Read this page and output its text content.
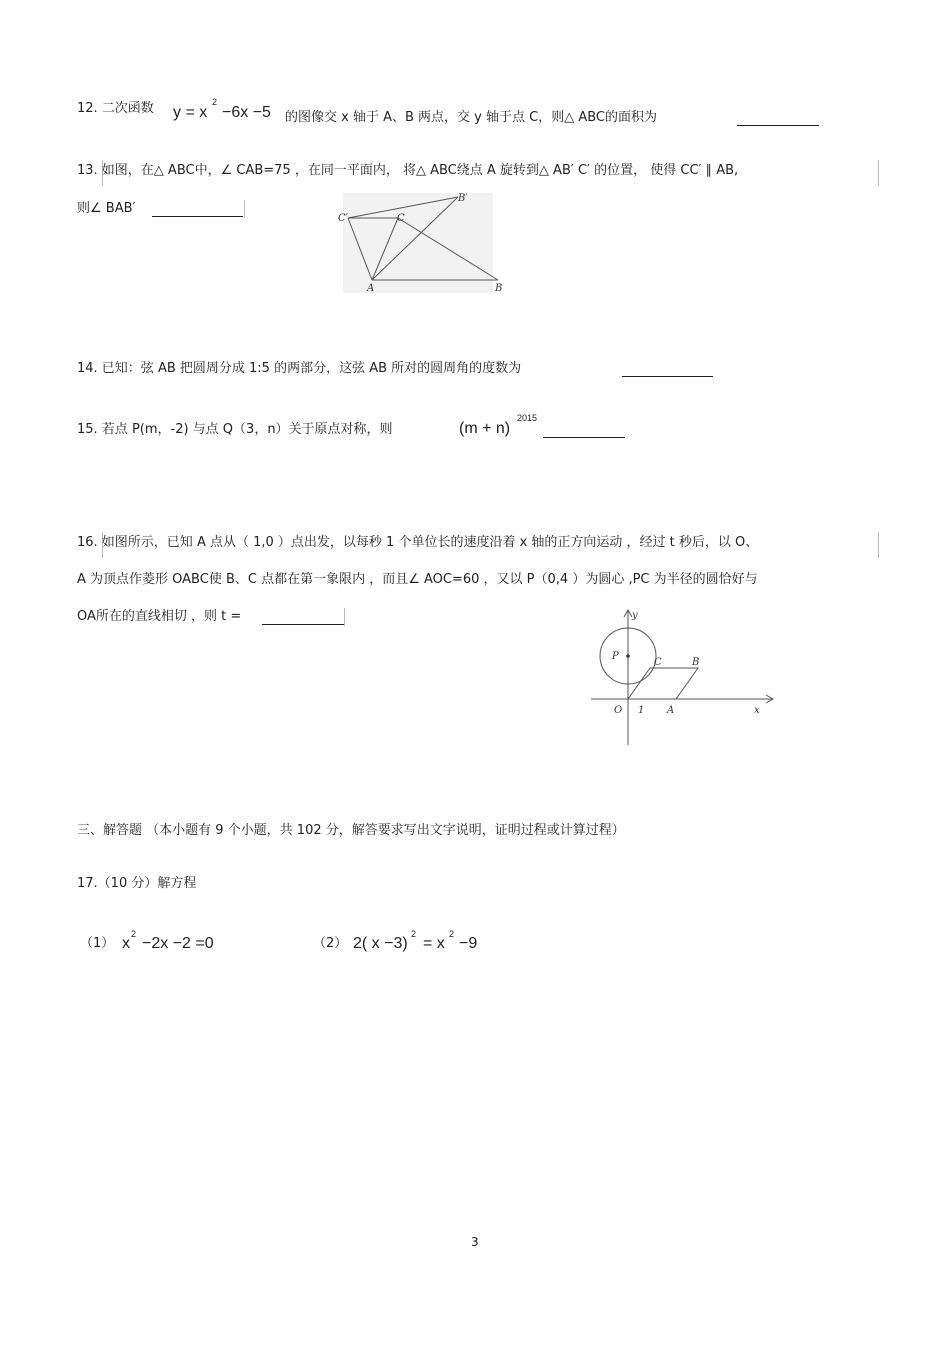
12. 二次函数 y = x
2
−6x −5 的图像交 x 轴于 A、B 两点，交 y 轴于点 C，则△ ABC的面积为
13. 如图，在△ ABC中，∠ CAB=75 ，在同一平面内， 将△ ABC绕点 A 旋转到△ AB′ C′ 的位置， 使得 CC′ ∥ AB,
则∠ BAB′
C′	C
B′
A	B
14. 已知：弦 AB 把圆周分成 1:5 的两部分，这弦 AB 所对的圆周角的度数为
15. 若点 P(m，-2) 与点 Q（3，n）关于原点对称，则	(m + n)
2015
16. 如图所示，已知 A 点从（ 1,0 ）点出发，以每秒 1 个单位长的速度沿着 x 轴的正方向运动 ，经过 t 秒后，以 O、
A 为顶点作菱形 OABC使 B、C 点都在第一象限内 ，而且∠ AOC=60 ，又以 P（0,4 ）为圆心 ,PC 为半径的圆恰好与
OA所在的直线相切 ，则 t =	y
P
C	B
O 1 A	x
三、解答题 （本小题有 9 个小题，共 102 分，解答要求写出文字说明，证明过程或计算过程）
17.（10 分）解方程
（1） x
2
−2x −2 =0	（2） 2( x −3)
2
= x
2
−9
3
